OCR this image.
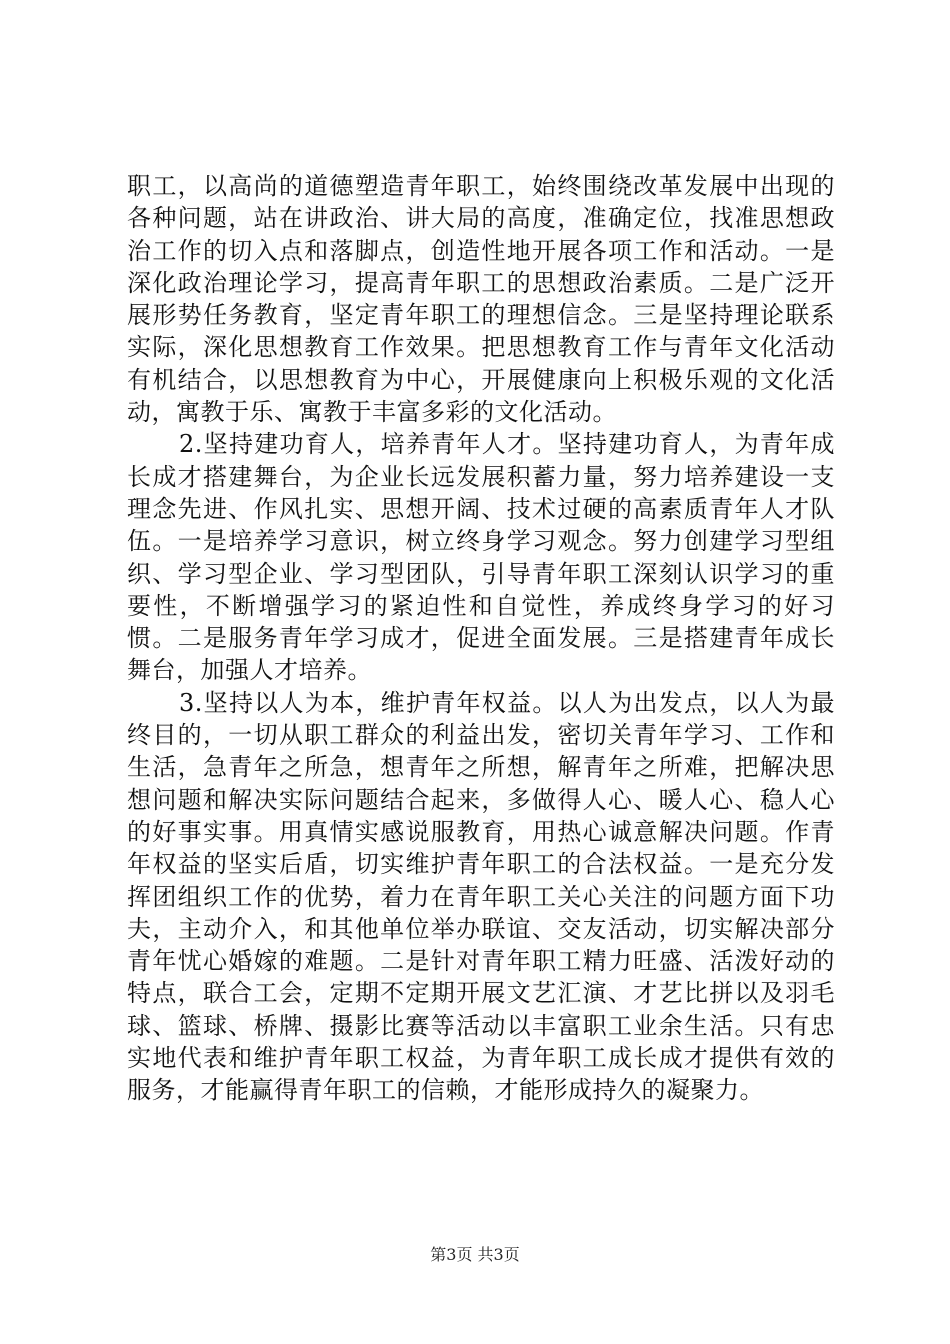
职工，以高尚的道德塑造青年职工，始终围绕改革发展中出现的各种问题，站在讲政治、讲大局的高度，准确定位，找准思想政治工作的切入点和落脚点，创造性地开展各项工作和活动。一是深化政治理论学习，提高青年职工的思想政治素质。二是广泛开展形势任务教育，坚定青年职工的理想信念。三是坚持理论联系实际，深化思想教育工作效果。把思想教育工作与青年文化活动有机结合，以思想教育为中心，开展健康向上积极乐观的文化活动，寓教于乐、寓教于丰富多彩的文化活动。

2.坚持建功育人，培养青年人才。坚持建功育人，为青年成长成才搭建舞台，为企业长远发展积蓄力量，努力培养建设一支理念先进、作风扎实、思想开阔、技术过硬的高素质青年人才队伍。一是培养学习意识，树立终身学习观念。努力创建学习型组织、学习型企业、学习型团队，引导青年职工深刻认识学习的重要性，不断增强学习的紧迫性和自觉性，养成终身学习的好习惯。二是服务青年学习成才，促进全面发展。三是搭建青年成长舞台，加强人才培养。

3.坚持以人为本，维护青年权益。以人为出发点，以人为最终目的，一切从职工群众的利益出发，密切关青年学习、工作和生活，急青年之所急，想青年之所想，解青年之所难，把解决思想问题和解决实际问题结合起来，多做得人心、暖人心、稳人心的好事实事。用真情实感说服教育，用热心诚意解决问题。作青年权益的坚实后盾，切实维护青年职工的合法权益。一是充分发挥团组织工作的优势，着力在青年职工关心关注的问题方面下功夫，主动介入，和其他单位举办联谊、交友活动，切实解决部分青年忧心婚嫁的难题。二是针对青年职工精力旺盛、活泼好动的特点，联合工会，定期不定期开展文艺汇演、才艺比拼以及羽毛球、篮球、桥牌、摄影比赛等活动以丰富职工业余生活。只有忠实地代表和维护青年职工权益，为青年职工成长成才提供有效的服务，才能赢得青年职工的信赖，才能形成持久的凝聚力。

第3页 共3页
